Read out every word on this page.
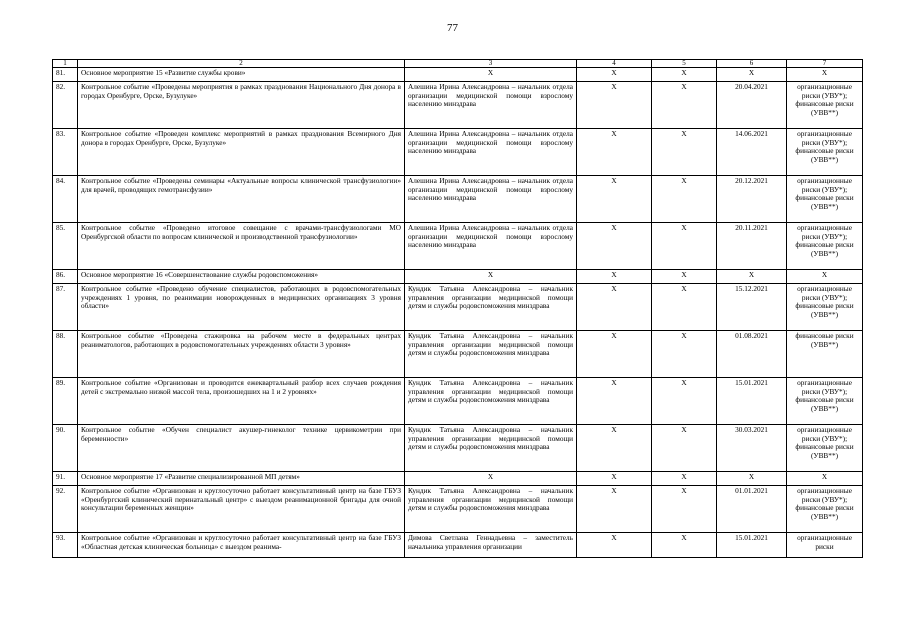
77
1	2	3	4	5	6	7
81.	Основное мероприятие 15 «Развитие службы крови»	X	X	X	X	X
82.	Контрольное событие «Проведены мероприятия в рамках празднования Национального Дня донора в городах Оренбурге, Орске, Бузулуке»	Алешина Ирина Александровна – начальник отдела организации медицинской помощи взрослому населению минздрава	X	X	20.04.2021	организационные риски (УВУ*); финансовые риски (УВВ**)
83.	Контрольное событие «Проведен комплекс мероприятий в рамках празднования Всемирного Дня донора в городах Оренбурге, Орске, Бузулуке»	Алешина Ирина Александровна – начальник отдела организации медицинской помощи взрослому населению минздрава	X	X	14.06.2021	организационные риски (УВУ*); финансовые риски (УВВ**)
84.	Контрольное событие «Проведены семинары «Актуальные вопросы клинической трансфузиологии» для врачей, проводящих гемотрансфузии»	Алешина Ирина Александровна – начальник отдела организации медицинской помощи взрослому населению минздрава	X	X	20.12.2021	организационные риски (УВУ*); финансовые риски (УВВ**)
85.	Контрольное событие «Проведено итоговое совещание с врачами-трансфузиологами МО Оренбургской области по вопросам клинической и производственной трансфузиологии»	Алешина Ирина Александровна – начальник отдела организации медицинской помощи взрослому населению минздрава	X	X	20.11.2021	организационные риски (УВУ*); финансовые риски (УВВ**)
86.	Основное мероприятие 16 «Совершенствование службы родовспоможения»	X	X	X	X	X
87.	Контрольное событие «Проведено обучение специалистов, работающих в родовспомогательных учреждениях 1 уровня, по реанимации новорожденных в медицинских организациях 3 уровня области»	Кундик Татьяна Александровна – начальник управления организации медицинской помощи детям и службы родовспоможения минздрава	X	X	15.12.2021	организационные риски (УВУ*); финансовые риски (УВВ**)
88.	Контрольное событие «Проведена стажировка на рабочем месте в федеральных центрах реаниматологов, работающих в родовспомогательных учреждениях области 3 уровня»	Кундик Татьяна Александровна – начальник управления организации медицинской помощи детям и службы родовспоможения минздрава	X	X	01.08.2021	финансовые риски (УВВ**)
89.	Контрольное событие «Организован и проводится ежеквартальный разбор всех случаев рождения детей с экстремально низкой массой тела, произошедших на 1 и 2 уровнях»	Кундик Татьяна Александровна – начальник управления организации медицинской помощи детям и службы родовспоможения минздрава	X	X	15.01.2021	организационные риски (УВУ*); финансовые риски (УВВ**)
90.	Контрольное событие «Обучен специалист акушер-гинеколог технике цервикометрии при беременности»	Кундик Татьяна Александровна – начальник управления организации медицинской помощи детям и службы родовспоможения минздрава	X	X	30.03.2021	организационные риски (УВУ*); финансовые риски (УВВ**)
91.	Основное мероприятие 17 «Развитие специализированной МП детям»	X	X	X	X	X
92.	Контрольное событие «Организован и круглосуточно работает консультативный центр на базе ГБУЗ «Оренбургский клинический перинатальный центр» с выездом реанимационной бригады для очной консультации беременных женщин»	Кундик Татьяна Александровна – начальник управления организации медицинской помощи детям и службы родовспоможения минздрава	X	X	01.01.2021	организационные риски (УВУ*); финансовые риски (УВВ**)
93.	Контрольное событие «Организован и круглосуточно работает консультативный центр на базе ГБУЗ «Областная детская клиническая больница» с выездом реанима-	Димова Светлана Геннадьевна – заместитель начальника управления организации	X	X	15.01.2021	организационные риски
